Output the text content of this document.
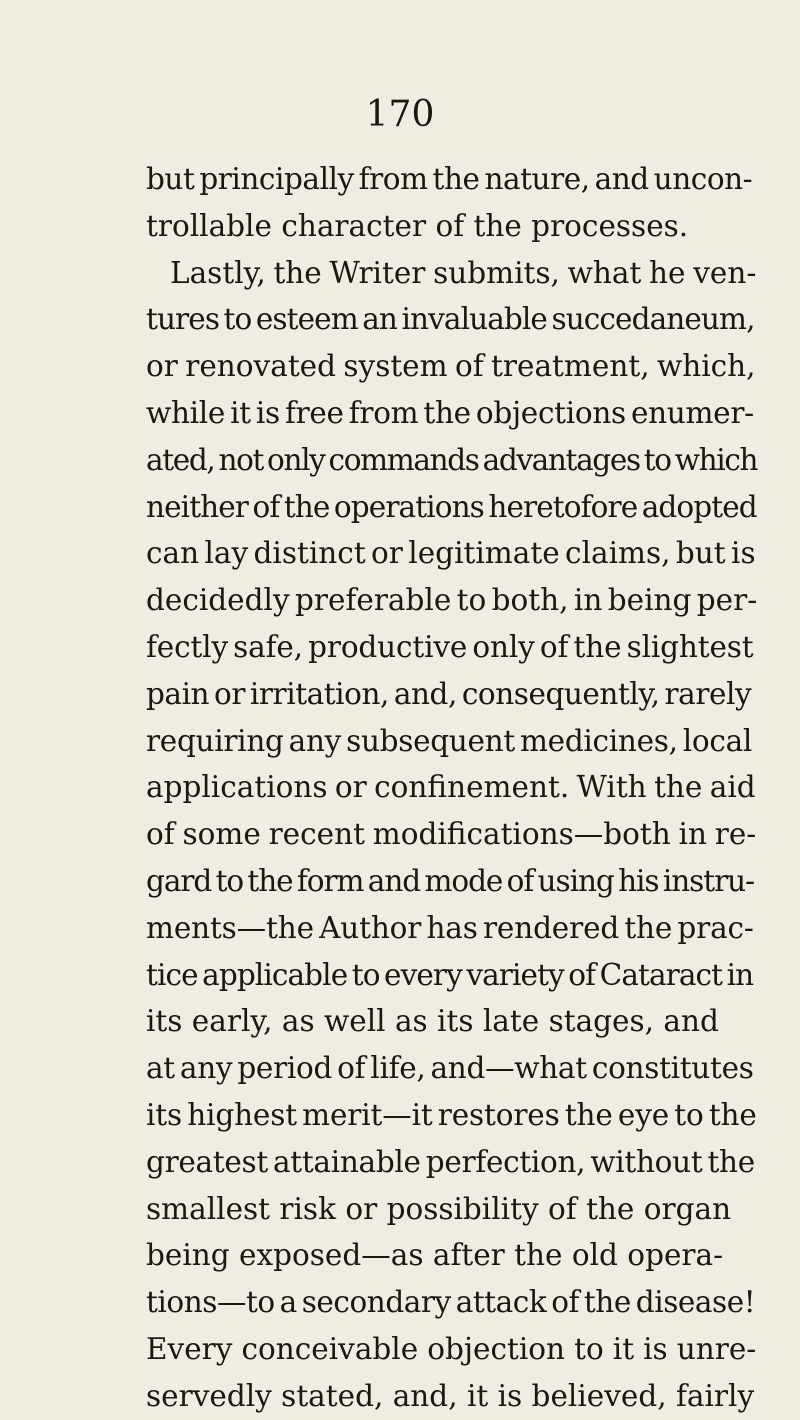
170
but principally from the nature, and uncon-
trollable character of the processes.
Lastly, the Writer submits, what he ven-
tures to esteem an invaluable succedaneum,
or renovated system of treatment, which,
while it is free from the objections enumer-
ated, not only commands advantages to which
neither of the operations heretofore adopted
can lay distinct or legitimate claims, but is
decidedly preferable to both, in being per-
fectly safe, productive only of the slightest
pain or irritation, and, consequently, rarely
requiring any subsequent medicines, local
applications or confinement. With the aid
of some recent modifications—both in re-
gard to the form and mode of using his instru-
ments—the Author has rendered the prac-
tice applicable to every variety of Cataract in
its early, as well as its late stages, and
at any period of life, and—what constitutes
its highest merit—it restores the eye to the
greatest attainable perfection, without the
smallest risk or possibility of the organ
being exposed—as after the old opera-
tions—to a secondary attack of the disease!
Every conceivable objection to it is unre-
servedly stated, and, it is believed, fairly
